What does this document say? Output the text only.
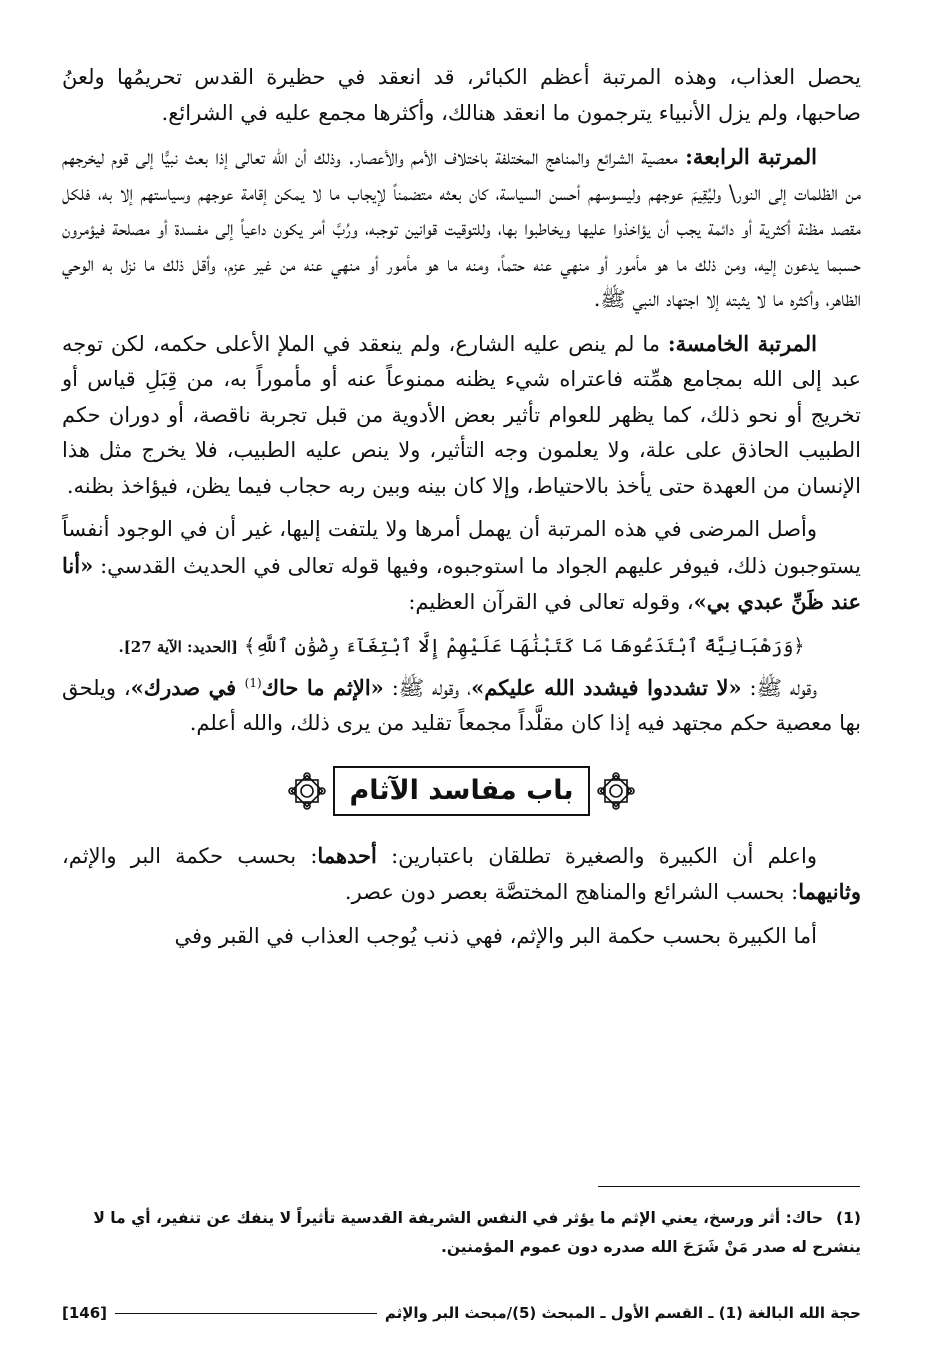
يحصل العذاب، وهذه المرتبة أعظم الكبائر، قد انعقد في حظيرة القدس تحريمُها ولعنُ صاحبها، ولم يزل الأنبياء يترجمون ما انعقد هنالك، وأكثرها مجمع عليه في الشرائع.

المرتبة الرابعة: معصية الشرائع والمناهج المختلفة باختلاف الأمم والأعصار. وذلك أن الله تعالى إذا بعث نبيًّا إلى قوم ليخرجهم من الظلمات إلى النور\ وليُقِيمَ عوجهم وليسوسهم أحسن السياسة، كان بعثه متضمناً لإيجاب ما لا يمكن إقامة عوجهم وسياستهم إلا به، فلكل مقصد مظنة أكثرية أو دائمة يجب أن يؤاخذوا عليها ويخاطبوا بها، وللتوقيت قوانين توجبه، ورُبَّ أمر يكون داعياً إلى مفسدة أو مصلحة فيؤمرون حسبما يدعون إليه، ومن ذلك ما هو مأمور أو منهي عنه حتماً، ومنه ما هو مأمور أو منهي عنه من غير عزم، وأقل ذلك ما نزل به الوحي الظاهر، وأكثره ما لا يثبته إلا اجتهاد النبي ﷺ.

المرتبة الخامسة: ما لم ينص عليه الشارع، ولم ينعقد في الملإ الأعلى حكمه، لكن توجه عبد إلى الله بمجامع همِّته فاعتراه شيء يظنه ممنوعاً عنه أو مأموراً به، من قِبَلِ قياس أو تخريج أو نحو ذلك، كما يظهر للعوام تأثير بعض الأدوية من قبل تجربة ناقصة، أو دوران حكم الطبيب الحاذق على علة، ولا يعلمون وجه التأثير، ولا ينص عليه الطبيب، فلا يخرج مثل هذا الإنسان من العهدة حتى يأخذ بالاحتياط، وإلا كان بينه وبين ربه حجاب فيما يظن، فيؤاخذ بظنه.

وأصل المرضى في هذه المرتبة أن يهمل أمرها ولا يلتفت إليها، غير أن في الوجود أنفساً يستوجبون ذلك، فيوفر عليهم الجواد ما استوجبوه، وفيها قوله تعالى في الحديث القدسي: «أنا عند ظَنِّ عبدي بي»، وقوله تعالى في القرآن العظيم:

﴿وَرَهْبَانِيَّةً ٱبْتَدَعُوهَا مَا كَتَبْنَٰهَا عَلَيْهِمْ إِلَّا ٱبْتِغَآءَ رِضْوَٰنِ ٱللَّهِ﴾ [الحديد: الآية 27].

وقوله ﷺ: «لا تشددوا فيشدد الله عليكم»، وقوله ﷺ: «الإثم ما حاك$^{(1)}$ في صدرك»، ويلحق بها معصية حكم مجتهد فيه إذا كان مقلَّداً مجمعاً تقليد من يرى ذلك، والله أعلم.

باب مفاسد الآثام

واعلم أن الكبيرة والصغيرة تطلقان باعتبارين: أحدهما: بحسب حكمة البر والإثم، وثانيهما: بحسب الشرائع والمناهج المختصَّة بعصر دون عصر.

أما الكبيرة بحسب حكمة البر والإثم، فهي ذنب يُوجب العذاب في القبر وفي

(1)حاك: أثر ورسخ، يعني الإثم ما يؤثر في النفس الشريفة القدسية تأثيراً لا ينفك عن تنفير، أي ما لا ينشرح له صدر مَنْ شَرَحَ الله صدره دون عموم المؤمنين.
حجة الله البالغة (1) ـ القسم الأول ـ المبحث (5)/مبحث البر والإثم
[146]
